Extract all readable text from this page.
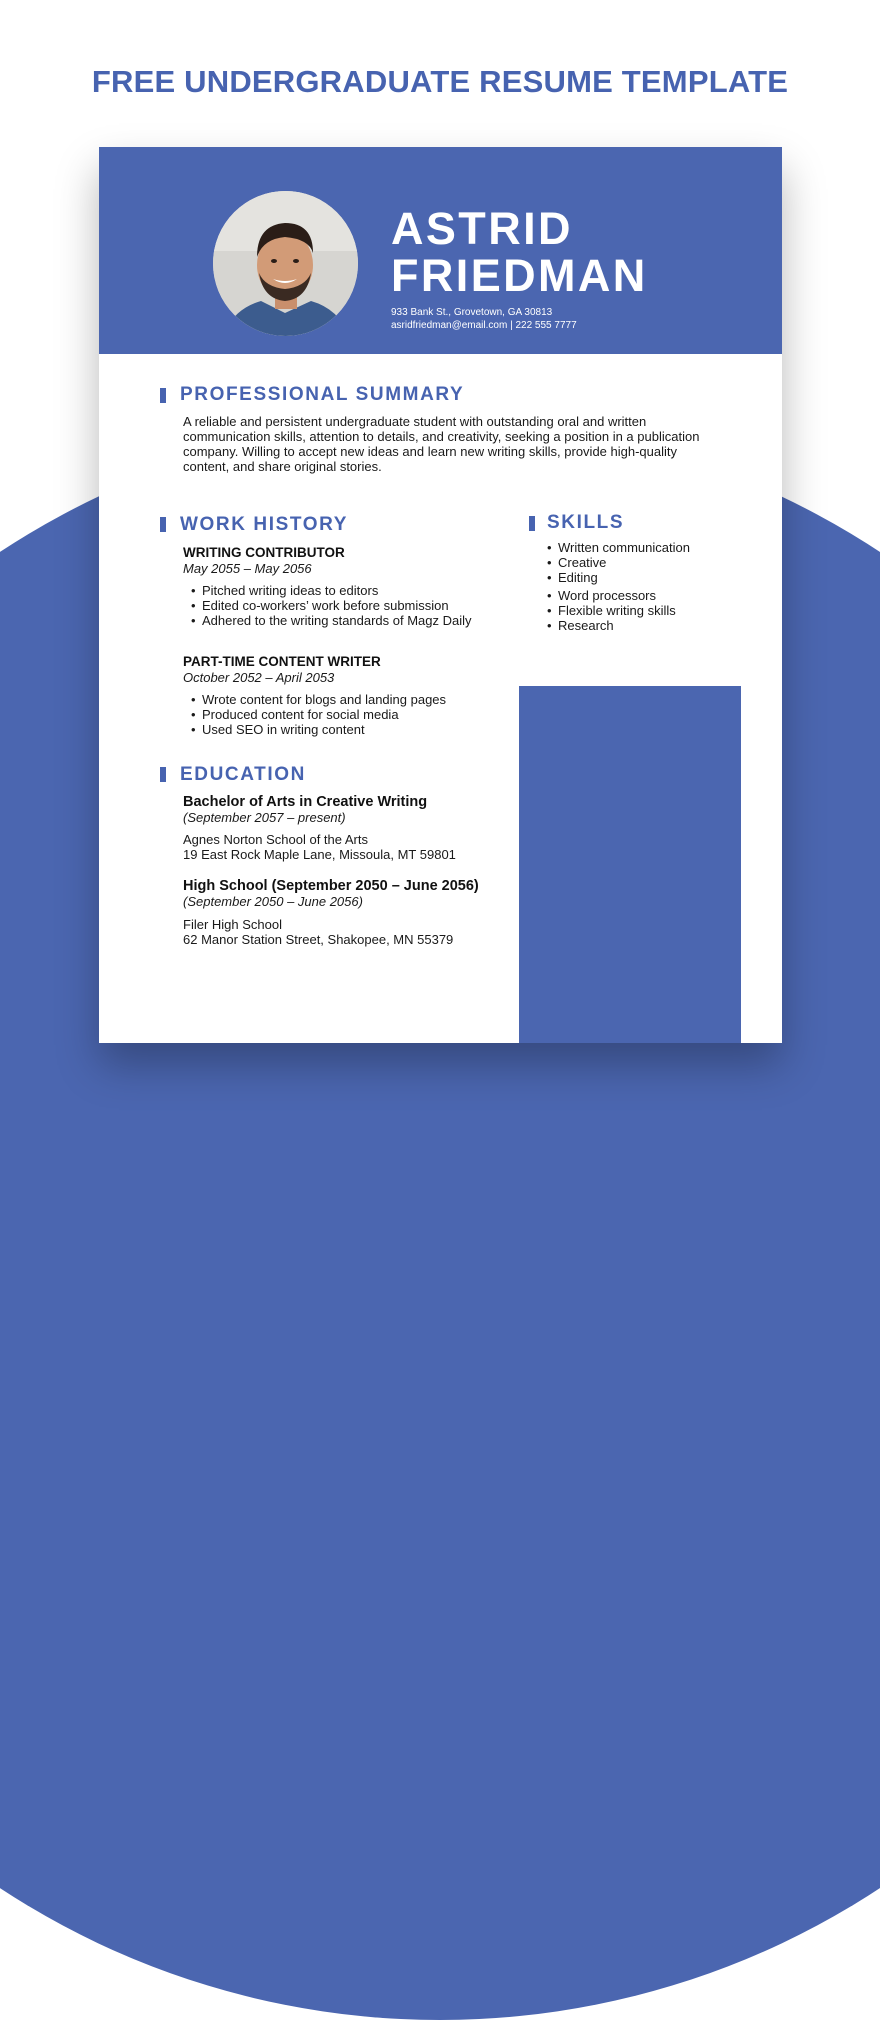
FREE UNDERGRADUATE RESUME TEMPLATE
ASTRID
FRIEDMAN
933 Bank St., Grovetown, GA 30813
asridfriedman@email.com | 222 555 7777
PROFESSIONAL SUMMARY
A reliable and persistent undergraduate student with outstanding oral and written communication skills, attention to details, and creativity, seeking a position in a publication company. Willing to accept new ideas and learn new writing skills, provide high-quality content, and share original stories.
WORK HISTORY
WRITING CONTRIBUTOR
May 2055 – May 2056
• Pitched writing ideas to editors
• Edited co-workers’ work before submission
• Adhered to the writing standards of Magz Daily
PART-TIME CONTENT WRITER
October 2052 – April 2053
• Wrote content for blogs and landing pages
• Produced content for social media
• Used SEO in writing content
SKILLS
• Written communication
• Creative
• Editing
• Word processors
• Flexible writing skills
• Research
EDUCATION
Bachelor of Arts in Creative Writing
(September 2057 – present)
Agnes Norton School of the Arts
19 East Rock Maple Lane, Missoula, MT 59801
High School (September 2050 – June 2056)
(September 2050 – June 2056)
Filer High School
62 Manor Station Street, Shakopee, MN 55379
